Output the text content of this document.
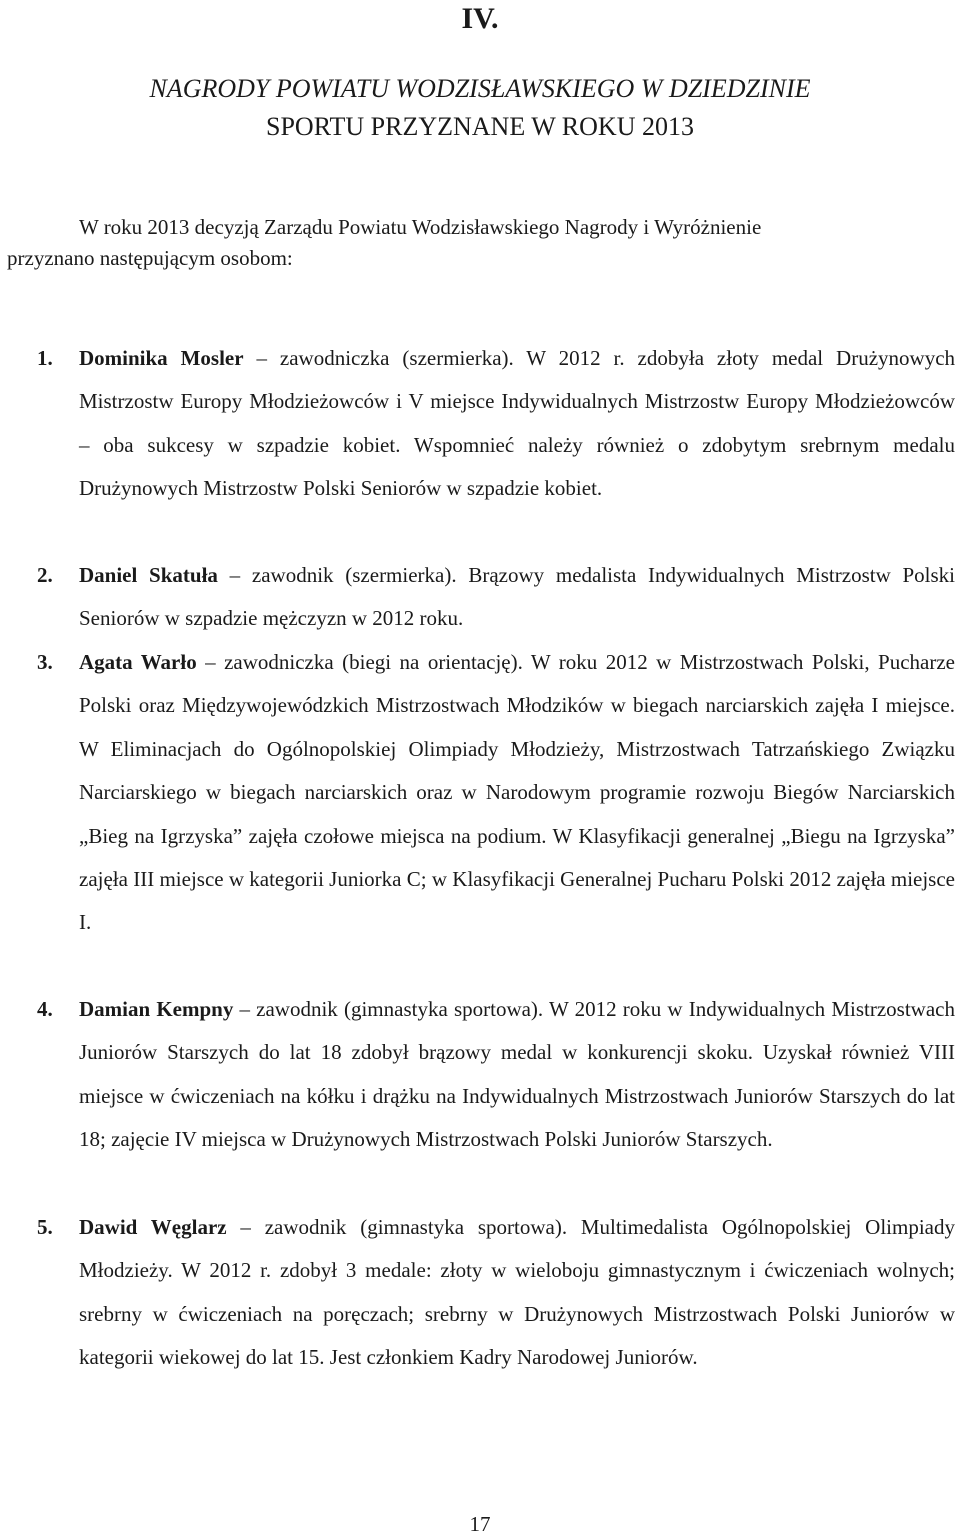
IV.
NAGRODY POWIATU WODZISŁAWSKIEGO W DZIEDZINIE
SPORTU PRZYZNANE W ROKU 2013

W roku 2013 decyzją Zarządu Powiatu Wodzisławskiego Nagrody i Wyróżnienie
przyznano następującym osobom:

1. Dominika Mosler – zawodniczka (szermierka). W 2012 r. zdobyła złoty medal Drużynowych Mistrzostw Europy Młodzieżowców i V miejsce Indywidualnych Mistrzostw Europy Młodzieżowców – oba sukcesy w szpadzie kobiet. Wspomnieć należy również o zdobytym srebrnym medalu Drużynowych Mistrzostw Polski Seniorów w szpadzie kobiet.

2. Daniel Skatuła – zawodnik (szermierka). Brązowy medalista Indywidualnych Mistrzostw Polski Seniorów w szpadzie mężczyzn w 2012 roku.

3. Agata Warło – zawodniczka (biegi na orientację). W roku 2012 w Mistrzostwach Polski, Pucharze Polski oraz Międzywojewódzkich Mistrzostwach Młodzików w biegach narciarskich zajęła I miejsce. W Eliminacjach do Ogólnopolskiej Olimpiady Młodzieży, Mistrzostwach Tatrzańskiego Związku Narciarskiego w biegach narciarskich oraz w Narodowym programie rozwoju Biegów Narciarskich „Bieg na Igrzyska” zajęła czołowe miejsca na podium. W Klasyfikacji generalnej „Biegu na Igrzyska” zajęła III miejsce w kategorii Juniorka C; w Klasyfikacji Generalnej Pucharu Polski 2012 zajęła miejsce I.

4. Damian Kempny – zawodnik (gimnastyka sportowa). W 2012 roku w Indywidualnych Mistrzostwach Juniorów Starszych do lat 18 zdobył brązowy medal w konkurencji skoku. Uzyskał również VIII miejsce w ćwiczeniach na kółku i drążku na Indywidualnych Mistrzostwach Juniorów Starszych do lat 18; zajęcie IV miejsca w Drużynowych Mistrzostwach Polski Juniorów Starszych.

5. Dawid Węglarz – zawodnik (gimnastyka sportowa). Multimedalista Ogólnopolskiej Olimpiady Młodzieży. W 2012 r. zdobył 3 medale: złoty w wieloboju gimnastycznym i ćwiczeniach wolnych; srebrny w ćwiczeniach na poręczach; srebrny w Drużynowych Mistrzostwach Polski Juniorów w kategorii wiekowej do lat 15. Jest członkiem Kadry Narodowej Juniorów.

17
